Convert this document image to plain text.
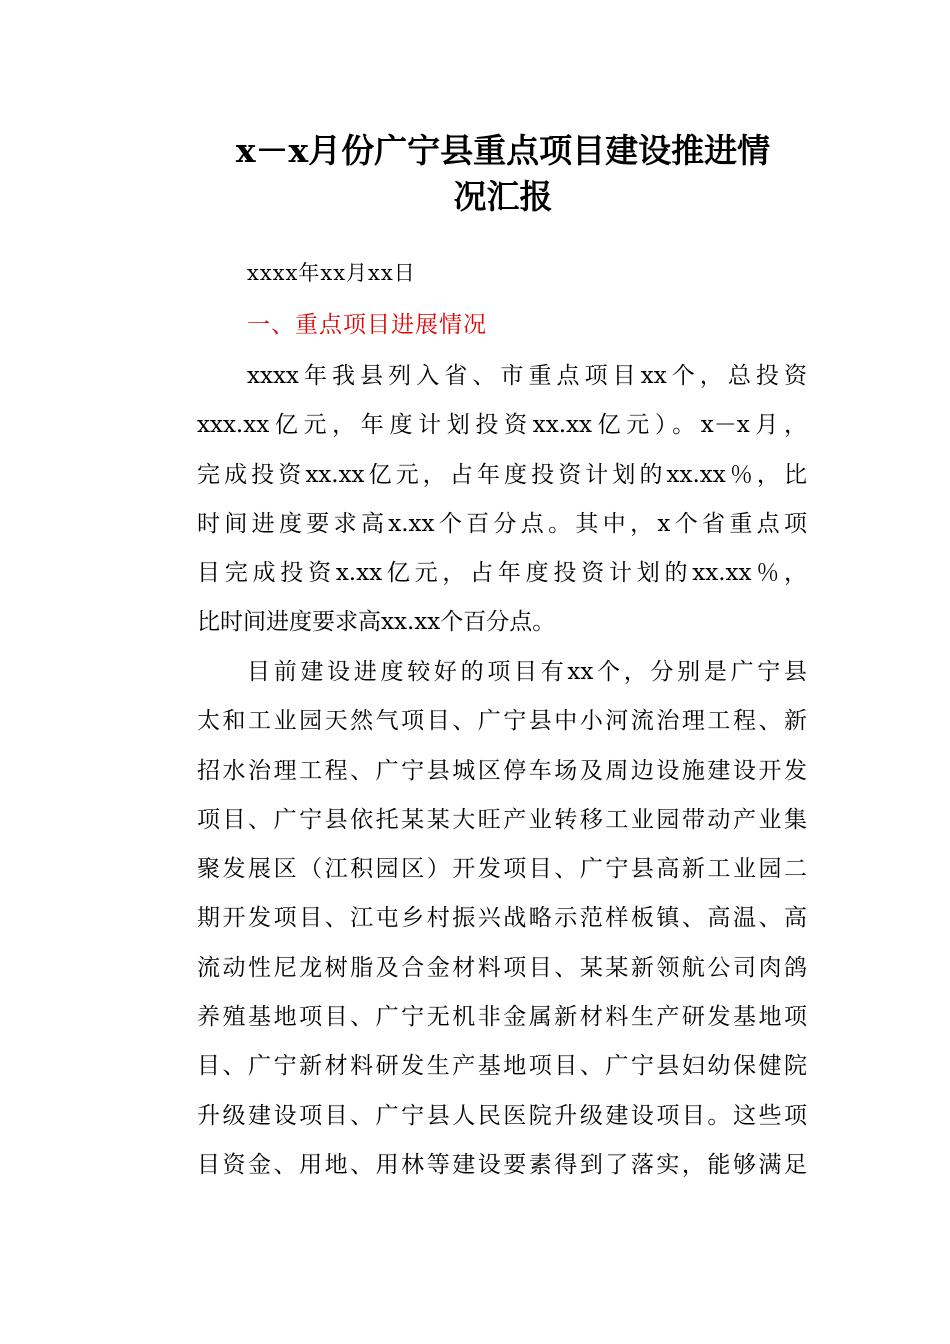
x－x月份广宁县重点项目建设推进情
况汇报
xxxx年xx月xx日
一、重点项目进展情况
xxxx年我县列入省、市重点项目xx个，总投资
xxx.xx亿元，年度计划投资xx.xx亿元）。x－x月，
完成投资xx.xx亿元，占年度投资计划的xx.xx％，比
时间进度要求高x.xx个百分点。其中，x个省重点项
目完成投资x.xx亿元，占年度投资计划的xx.xx％，
比时间进度要求高xx.xx个百分点。
目前建设进度较好的项目有xx个，分别是广宁县
太和工业园天然气项目、广宁县中小河流治理工程、新
招水治理工程、广宁县城区停车场及周边设施建设开发
项目、广宁县依托某某大旺产业转移工业园带动产业集
聚发展区（江积园区）开发项目、广宁县高新工业园二
期开发项目、江屯乡村振兴战略示范样板镇、高温、高
流动性尼龙树脂及合金材料项目、某某新领航公司肉鸽
养殖基地项目、广宁无机非金属新材料生产研发基地项
目、广宁新材料研发生产基地项目、广宁县妇幼保健院
升级建设项目、广宁县人民医院升级建设项目。这些项
目资金、用地、用林等建设要素得到了落实，能够满足
